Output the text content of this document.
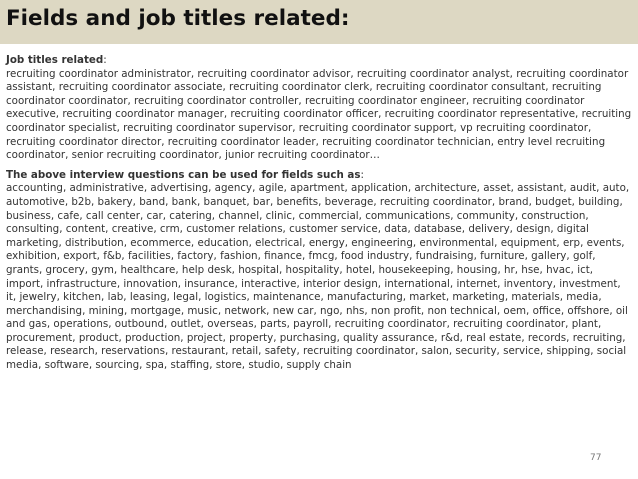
Fields and job titles related:

Job titles related:

recruiting coordinator administrator, recruiting coordinator advisor, recruiting coordinator analyst, recruiting coordinator assistant, recruiting coordinator associate, recruiting coordinator clerk, recruiting coordinator consultant, recruiting coordinator coordinator, recruiting coordinator controller, recruiting coordinator engineer, recruiting coordinator executive, recruiting coordinator manager, recruiting coordinator officer, recruiting coordinator representative, recruiting coordinator specialist, recruiting coordinator supervisor, recruiting coordinator support, vp recruiting coordinator, recruiting coordinator director, recruiting coordinator leader, recruiting coordinator technician, entry level recruiting coordinator, senior recruiting coordinator, junior recruiting coordinator…

The above interview questions can be used for fields such as:

accounting, administrative, advertising, agency, agile, apartment, application, architecture, asset, assistant, audit, auto, automotive, b2b, bakery, band, bank, banquet, bar, benefits, beverage, recruiting coordinator, brand, budget, building, business, cafe, call center, car, catering, channel, clinic, commercial, communications, community, construction, consulting, content, creative, crm, customer relations, customer service, data, database, delivery, design, digital marketing, distribution, ecommerce, education, electrical, energy, engineering, environmental, equipment, erp, events, exhibition, export, f&b, facilities, factory, fashion, finance, fmcg, food industry, fundraising, furniture, gallery, golf, grants, grocery, gym, healthcare, help desk, hospital, hospitality, hotel, housekeeping, housing, hr, hse, hvac, ict, import, infrastructure, innovation, insurance, interactive, interior design, international, internet, inventory, investment, it, jewelry, kitchen, lab, leasing, legal, logistics, maintenance, manufacturing, market, marketing, materials, media, merchandising, mining, mortgage, music, network, new car, ngo, nhs, non profit, non technical, oem, office, offshore, oil and gas, operations, outbound, outlet, overseas, parts, payroll, recruiting coordinator, recruiting coordinator, plant, procurement, product, production, project, property, purchasing, quality assurance, r&d, real estate, records, recruiting, release, research, reservations, restaurant, retail, safety, recruiting coordinator, salon, security, service, shipping, social media, software, sourcing, spa, staffing, store, studio, supply chain

77
